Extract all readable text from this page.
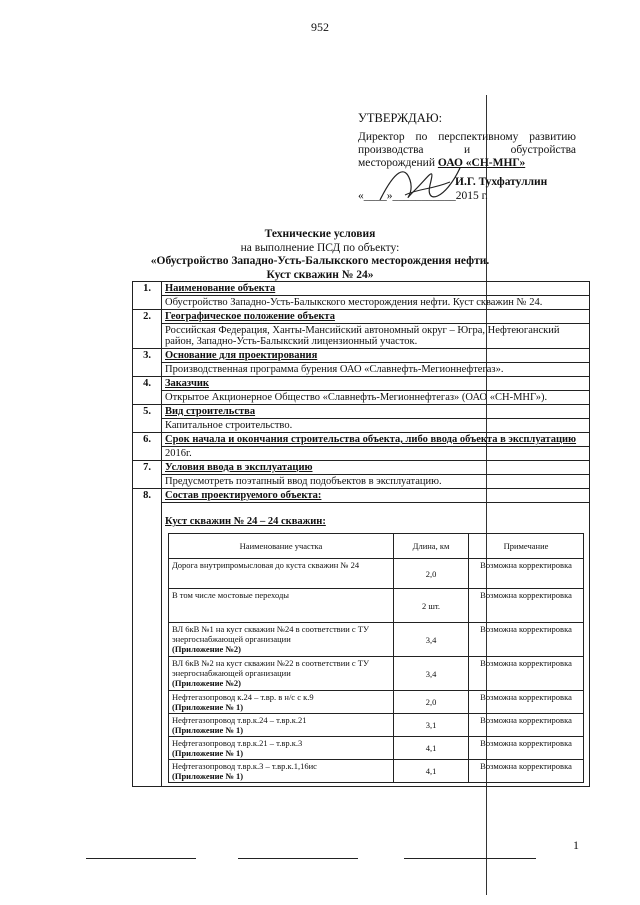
952
УТВЕРЖДАЮ:
Директор по перспективному развитию
производства и обустройства
месторождений ОАО «СН-МНГ»
И.Г. Тухфатуллин
«____»___________2015 г.
Технические условия
на выполнение ПСД по объекту:
«Обустройство Западно-Усть-Балыкского месторождения нефти.
Куст скважин № 24»
1.	Наименование объекта
Обустройство Западно-Усть-Балыкского месторождения нефти. Куст скважин № 24.
2.	Географическое положение объекта
Российская Федерация, Ханты-Мансийский автономный округ – Югра, Нефтеюганский район, Западно-Усть-Балыкский лицензионный участок.
3.	Основание для проектирования
Производственная программа бурения ОАО «Славнефть-Мегионнефтегаз».
4.	Заказчик
Открытое Акционерное Общество «Славнефть-Мегионнефтегаз» (ОАО «СН-МНГ»).
5.	Вид строительства
Капитальное строительство.
6.	Срок начала и окончания строительства объекта, либо ввода объекта в эксплуатацию
2016г.
7.	Условия ввода в эксплуатацию
Предусмотреть поэтапный ввод подобъектов в эксплуатацию.
8.	Состав проектируемого объекта:

Куст скважин № 24 – 24 скважин:
Наименование участка	Длина, км	Примечание
Дорога внутрипромысловая до куста скважин № 24
	2,0	Возможна корректировка
В том числе мостовые переходы
	2 шт.	Возможна корректировка
ВЛ 6кВ №1 на куст скважин №24 в соответствии с ТУ энергоснабжающей организации
(Приложение №2)
	3,4	Возможна корректировка
ВЛ 6кВ №2 на куст скважин №22 в соответствии с ТУ энергоснабжающей организации
(Приложение №2)
	3,4	Возможна корректировка
Нефтегазопровод к.24 – т.вр. в н/с с к.9
(Приложение № 1)	2,0	Возможна корректировка
Нефтегазопровод т.вр.к.24 – т.вр.к.21
(Приложение № 1)	3,1	Возможна корректировка
Нефтегазопровод т.вр.к.21 – т.вр.к.3
(Приложение № 1)	4,1	Возможна корректировка
Нефтегазопровод т.вр.к.3 – т.вр.к.1,16ис
(Приложение № 1)	4,1	Возможна корректировка
1
